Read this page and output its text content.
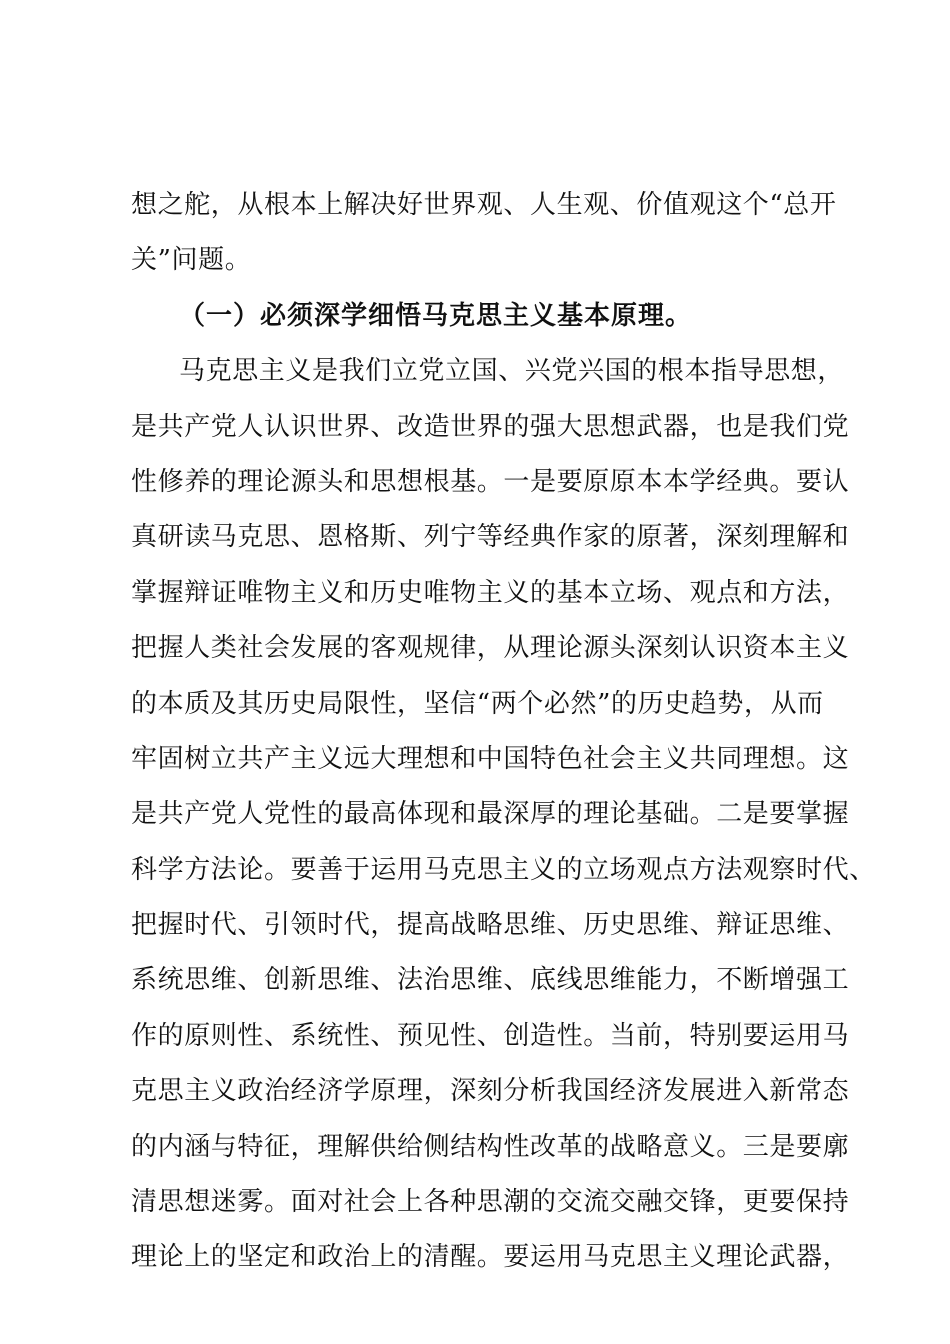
想之舵，从根本上解决好世界观、人生观、价值观这个“总开
关”问题。
（一）必须深学细悟马克思主义基本原理。
马克思主义是我们立党立国、兴党兴国的根本指导思想，
是共产党人认识世界、改造世界的强大思想武器，也是我们党
性修养的理论源头和思想根基。一是要原原本本学经典。要认
真研读马克思、恩格斯、列宁等经典作家的原著，深刻理解和
掌握辩证唯物主义和历史唯物主义的基本立场、观点和方法，
把握人类社会发展的客观规律，从理论源头深刻认识资本主义
的本质及其历史局限性，坚信“两个必然”的历史趋势，从而
牢固树立共产主义远大理想和中国特色社会主义共同理想。这
是共产党人党性的最高体现和最深厚的理论基础。二是要掌握
科学方法论。要善于运用马克思主义的立场观点方法观察时代、
把握时代、引领时代，提高战略思维、历史思维、辩证思维、
系统思维、创新思维、法治思维、底线思维能力，不断增强工
作的原则性、系统性、预见性、创造性。当前，特别要运用马
克思主义政治经济学原理，深刻分析我国经济发展进入新常态
的内涵与特征，理解供给侧结构性改革的战略意义。三是要廓
清思想迷雾。面对社会上各种思潮的交流交融交锋，更要保持
理论上的坚定和政治上的清醒。要运用马克思主义理论武器，
